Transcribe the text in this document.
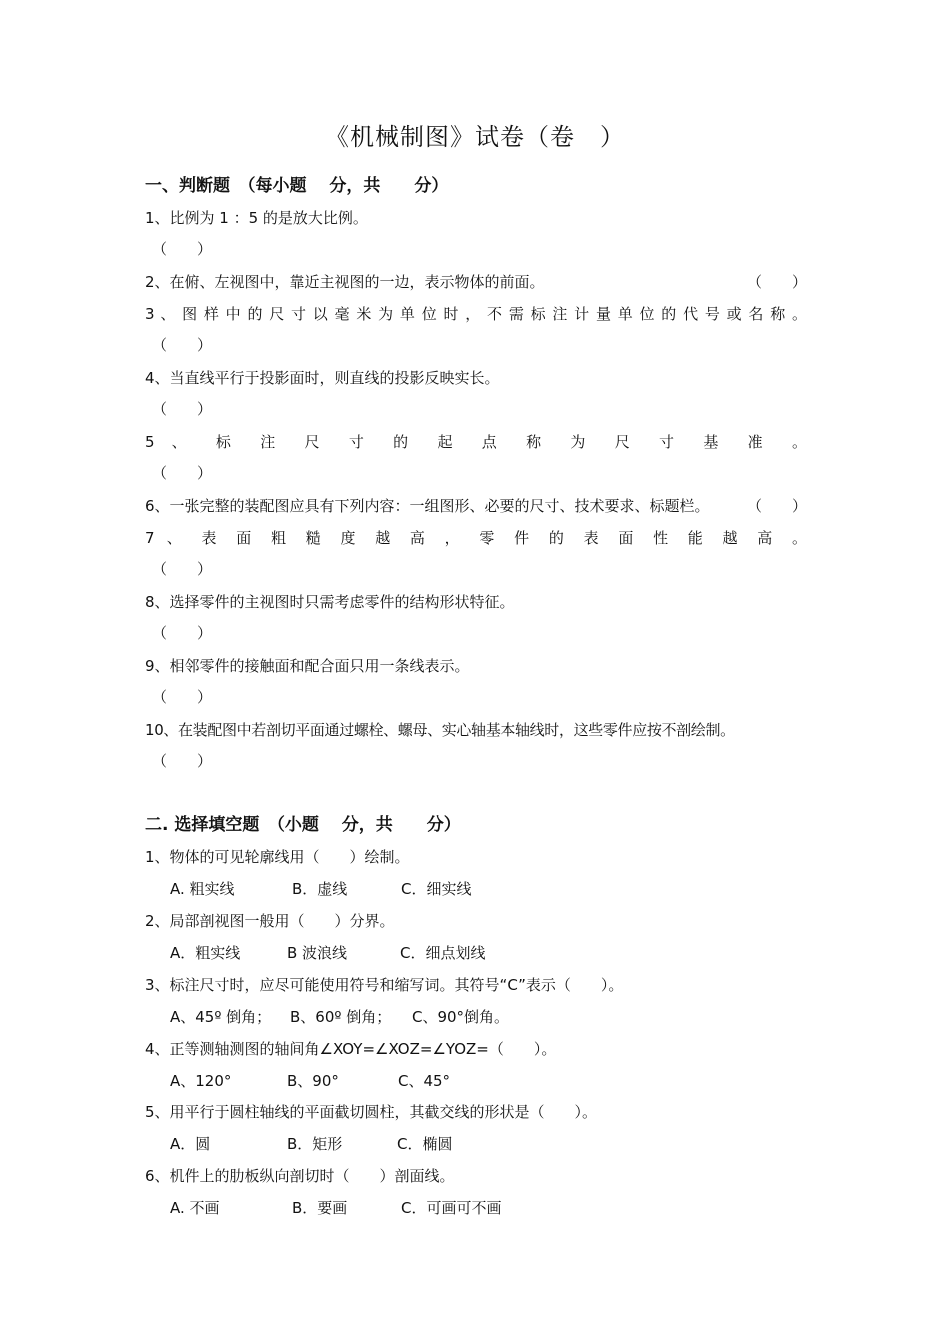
《机械制图》试卷（卷　）
一、判断题　（每小题　 分，共　　分）
1、比例为 1 ：5 的是放大比例。
（　　）
2、在俯、左视图中，靠近主视图的一边，表示物体的前面。	（　　）
3 、 图 样 中 的 尺 寸 以 毫 米 为 单 位 时 ， 不 需 标 注 计 量 单 位 的 代 号 或 名 称 。
（　　）
4、当直线平行于投影面时，则直线的投影反映实长。
（　　）
5 、 标 注 尺 寸 的 起 点 称 为 尺 寸 基 准 。
（　　）
6、一张完整的装配图应具有下列内容：一组图形、必要的尺寸、技术要求、标题栏。 （　　）
7 、 表 面 粗 糙 度 越 高 ， 零 件 的 表 面 性 能 越 高 。
（　　）
8、选择零件的主视图时只需考虑零件的结构形状特征。
（　　）
9、相邻零件的接触面和配合面只用一条线表示。
（　　）
10、在装配图中若剖切平面通过螺栓、螺母、实心轴基本轴线时，这些零件应按不剖绘制。
（　　）
二. 选择填空题　（小题　 分，共　　分）
1、物体的可见轮廓线用（　　）绘制。
A. 粗实线	B．虚线	C．细实线
2、局部剖视图一般用（　　）分界。
A．粗实线	B 波浪线	C．细点划线
3、标注尺寸时，应尽可能使用符号和缩写词。其符号“C”表示（　　）。
A、45º 倒角； B、60º 倒角； C、90°倒角。
4、正等测轴测图的轴间角∠XOY=∠XOZ=∠YOZ=（　　）。
A、120°	B、90°	C、45°
5、用平行于圆柱轴线的平面截切圆柱，其截交线的形状是（　　）。
A．圆	B．矩形	C．椭圆
6、机件上的肋板纵向剖切时（　　）剖面线。
A. 不画	B．要画	C．可画可不画
